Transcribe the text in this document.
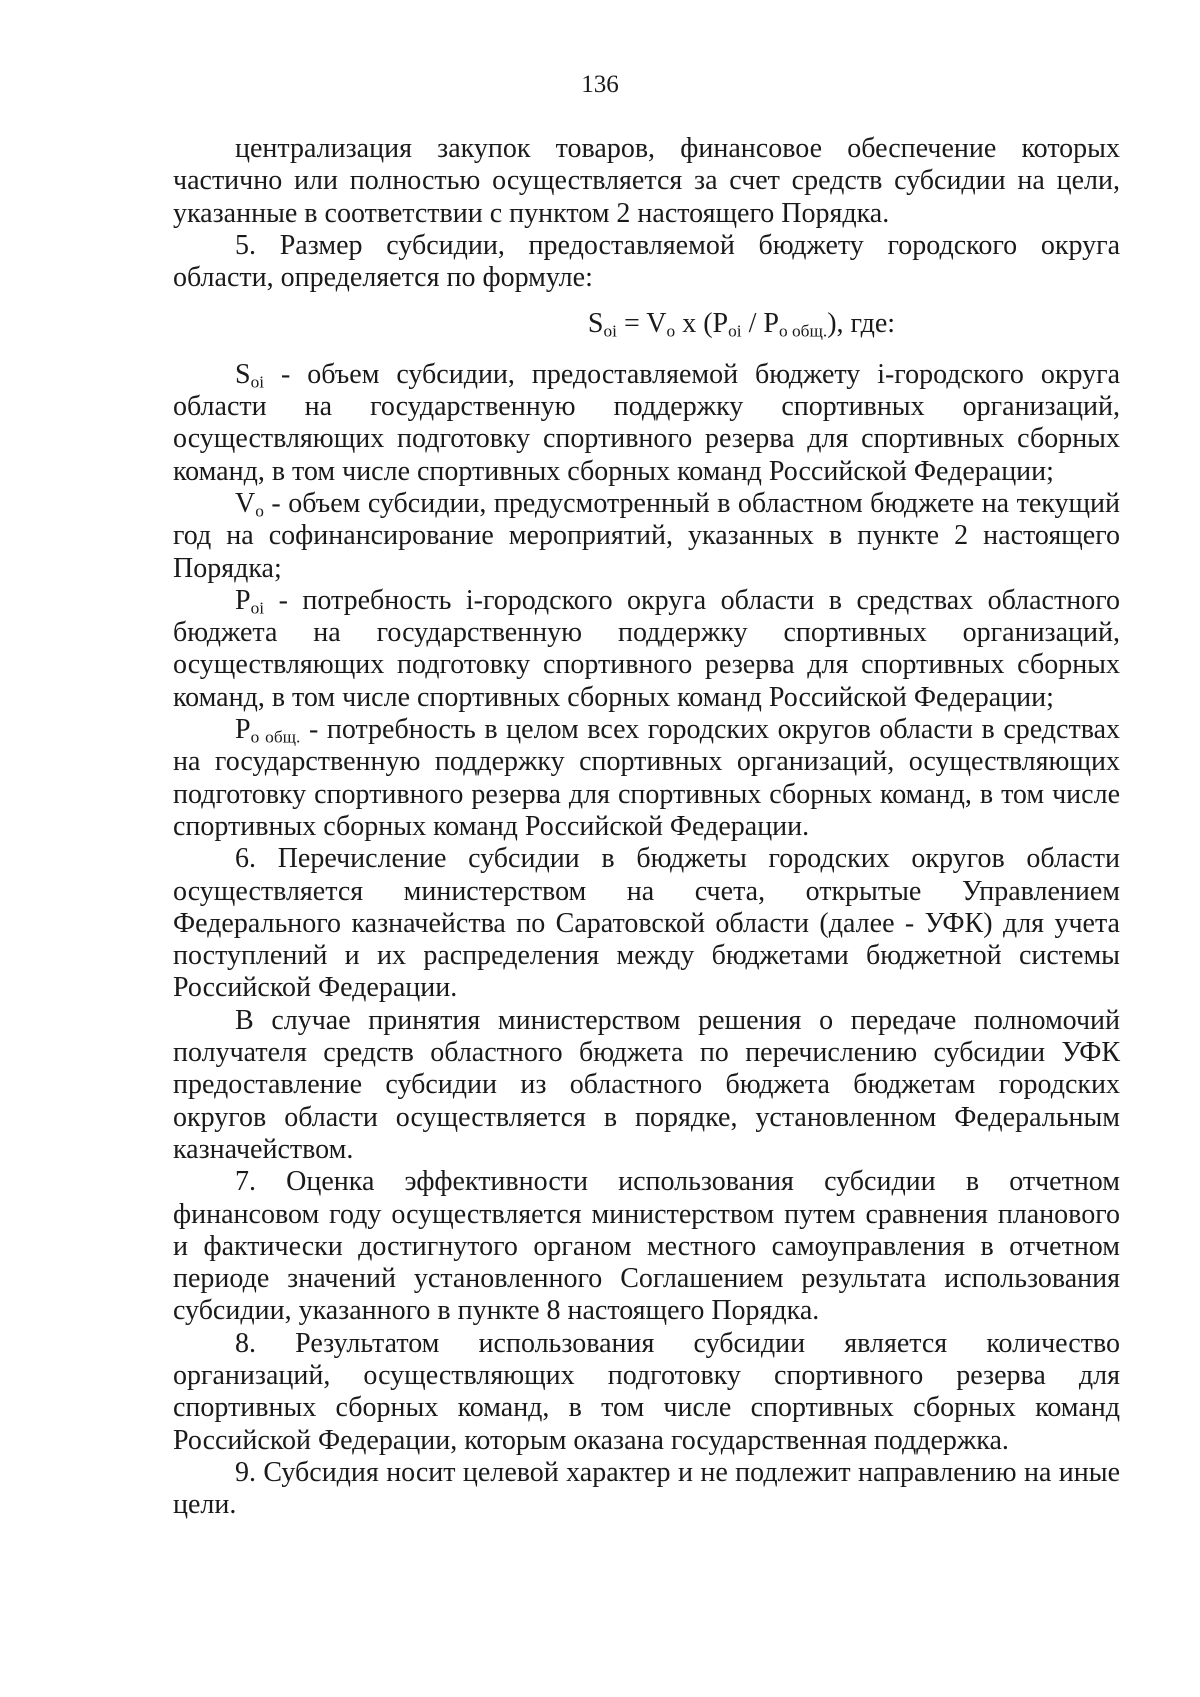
136

централизация закупок товаров, финансовое обеспечение которых частично или полностью осуществляется за счет средств субсидии на цели, указанные в соответствии с пунктом 2 настоящего Порядка.

5. Размер субсидии, предоставляемой бюджету городского округа области, определяется по формуле:

$S_{oi} = V_o$ x $(P_{oi} / P_{o общ.})$, где:

$S_{oi}$ - объем субсидии, предоставляемой бюджету i-городского округа области на государственную поддержку спортивных организаций, осуществляющих подготовку спортивного резерва для спортивных сборных команд, в том числе спортивных сборных команд Российской Федерации;

$V_o$ - объем субсидии, предусмотренный в областном бюджете на текущий год на софинансирование мероприятий, указанных в пункте 2 настоящего Порядка;

$P_{oi}$ - потребность i-городского округа области в средствах областного бюджета на государственную поддержку спортивных организаций, осуществляющих подготовку спортивного резерва для спортивных сборных команд, в том числе спортивных сборных команд Российской Федерации;

$P_{o общ.}$ - потребность в целом всех городских округов области в средствах на государственную поддержку спортивных организаций, осуществляющих подготовку спортивного резерва для спортивных сборных команд, в том числе спортивных сборных команд Российской Федерации.

6. Перечисление субсидии в бюджеты городских округов области осуществляется министерством на счета, открытые Управлением Федерального казначейства по Саратовской области (далее - УФК) для учета поступлений и их распределения между бюджетами бюджетной системы Российской Федерации.

В случае принятия министерством решения о передаче полномочий получателя средств областного бюджета по перечислению субсидии УФК предоставление субсидии из областного бюджета бюджетам городских округов области осуществляется в порядке, установленном Федеральным казначейством.

7. Оценка эффективности использования субсидии в отчетном финансовом году осуществляется министерством путем сравнения планового и фактически достигнутого органом местного самоуправления в отчетном периоде значений установленного Соглашением результата использования субсидии, указанного в пункте 8 настоящего Порядка.

8. Результатом использования субсидии является количество организаций, осуществляющих подготовку спортивного резерва для спортивных сборных команд, в том числе спортивных сборных команд Российской Федерации, которым оказана государственная поддержка.

9. Субсидия носит целевой характер и не подлежит направлению на иные цели.
